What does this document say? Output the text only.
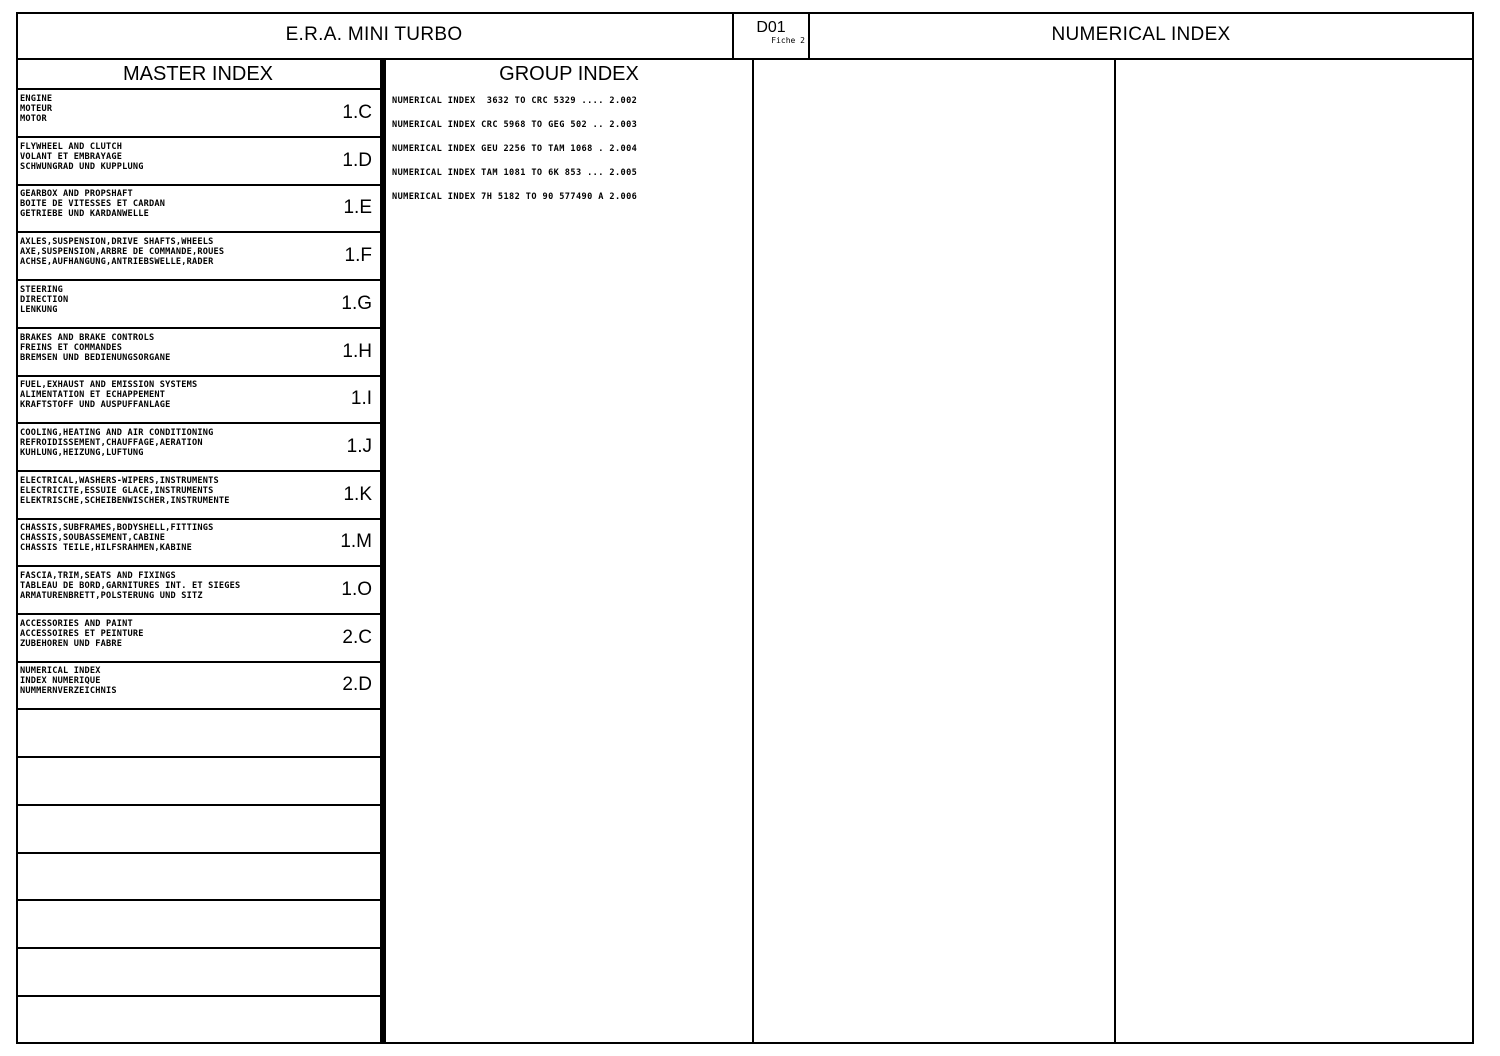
E.R.A. MINI TURBO	D01
Fiche 2	NUMERICAL INDEX
MASTER INDEX
ENGINE
MOTEUR
MOTOR	1.C
FLYWHEEL AND CLUTCH
VOLANT ET EMBRAYAGE
SCHWUNGRAD UND KUPPLUNG	1.D
GEARBOX AND PROPSHAFT
BOITE DE VITESSES ET CARDAN
GETRIEBE UND KARDANWELLE	1.E
AXLES,SUSPENSION,DRIVE SHAFTS,WHEELS
AXE,SUSPENSION,ARBRE DE COMMANDE,ROUES
ACHSE,AUFHANGUNG,ANTRIEBSWELLE,RADER	1.F
STEERING
DIRECTION
LENKUNG	1.G
BRAKES AND BRAKE CONTROLS
FREINS ET COMMANDES
BREMSEN UND BEDIENUNGSORGANE	1.H
FUEL,EXHAUST AND EMISSION SYSTEMS
ALIMENTATION ET ECHAPPEMENT
KRAFTSTOFF UND AUSPUFFANLAGE	1.I
COOLING,HEATING AND AIR CONDITIONING
REFROIDISSEMENT,CHAUFFAGE,AERATION
KUHLUNG,HEIZUNG,LUFTUNG	1.J
ELECTRICAL,WASHERS-WIPERS,INSTRUMENTS
ELECTRICITE,ESSUIE GLACE,INSTRUMENTS
ELEKTRISCHE,SCHEIBENWISCHER,INSTRUMENTE	1.K
CHASSIS,SUBFRAMES,BODYSHELL,FITTINGS
CHASSIS,SOUBASSEMENT,CABINE
CHASSIS TEILE,HILFSRAHMEN,KABINE	1.M
FASCIA,TRIM,SEATS AND FIXINGS
TABLEAU DE BORD,GARNITURES INT. ET SIEGES
ARMATURENBRETT,POLSTERUNG UND SITZ	1.O
ACCESSORIES AND PAINT
ACCESSOIRES ET PEINTURE
ZUBEHOREN UND FABRE	2.C
NUMERICAL INDEX
INDEX NUMERIQUE
NUMMERNVERZEICHNIS	2.D
GROUP INDEX
NUMERICAL INDEX  3632 TO CRC 5329 .... 2.002
NUMERICAL INDEX CRC 5968 TO GEG 502 .. 2.003
NUMERICAL INDEX GEU 2256 TO TAM 1068 . 2.004
NUMERICAL INDEX TAM 1081 TO 6K 853 ... 2.005
NUMERICAL INDEX 7H 5182 TO 90 577490 A 2.006
